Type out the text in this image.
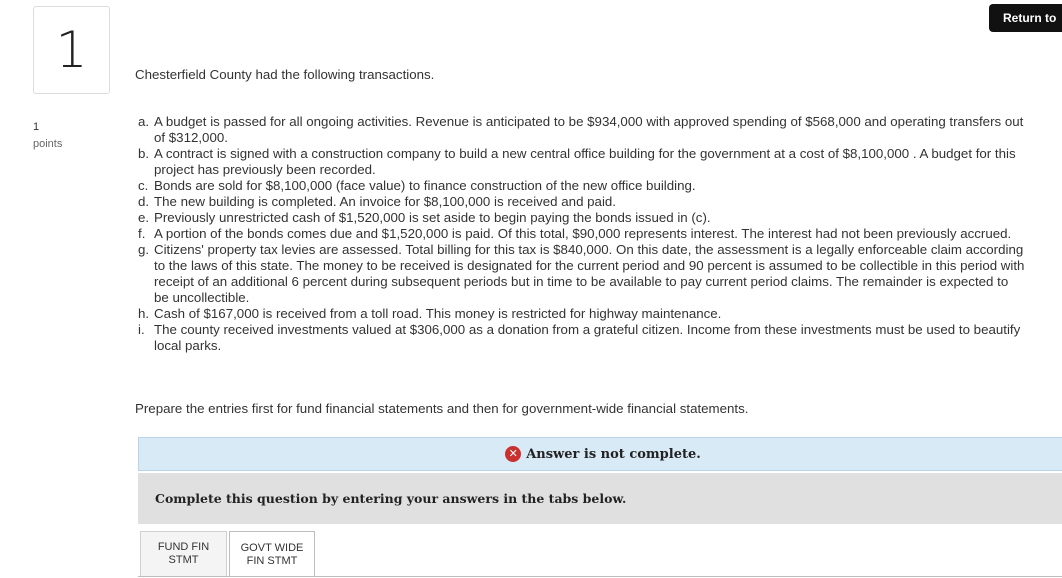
1
1
points
Return to
Chesterfield County had the following transactions.
a. A budget is passed for all ongoing activities. Revenue is anticipated to be $934,000 with approved spending of $568,000 and operating transfers out of $312,000.
b. A contract is signed with a construction company to build a new central office building for the government at a cost of $8,100,000 . A budget for this project has previously been recorded.
c. Bonds are sold for $8,100,000 (face value) to finance construction of the new office building.
d. The new building is completed. An invoice for $8,100,000 is received and paid.
e. Previously unrestricted cash of $1,520,000 is set aside to begin paying the bonds issued in (c).
f. A portion of the bonds comes due and $1,520,000 is paid. Of this total, $90,000 represents interest. The interest had not been previously accrued.
g. Citizens' property tax levies are assessed. Total billing for this tax is $840,000. On this date, the assessment is a legally enforceable claim according to the laws of this state. The money to be received is designated for the current period and 90 percent is assumed to be collectible in this period with receipt of an additional 6 percent during subsequent periods but in time to be available to pay current period claims. The remainder is expected to be uncollectible.
h. Cash of $167,000 is received from a toll road. This money is restricted for highway maintenance.
i. The county received investments valued at $306,000 as a donation from a grateful citizen. Income from these investments must be used to beautify local parks.
Prepare the entries first for fund financial statements and then for government-wide financial statements.
✕ Answer is not complete.
Complete this question by entering your answers in the tabs below.
FUND FIN
STMT
GOVT WIDE
FIN STMT
